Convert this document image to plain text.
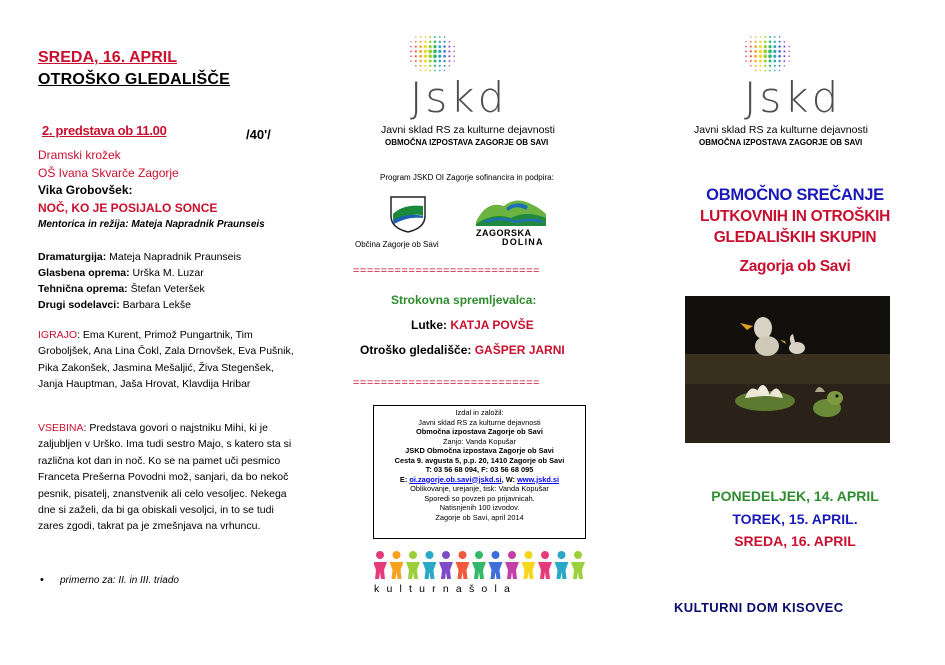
SREDA, 16. APRIL
OTROŠKO GLEDALIŠČE
2. predstava ob 11.00	/40'/
Dramski krožek
OŠ Ivana Skvarče Zagorje
Vika Grobovšek:
NOČ, KO JE POSIJALO SONCE
Mentorica in režija: Mateja Napradnik Praunseis
Dramaturgija: Mateja Napradnik Praunseis
Glasbena oprema: Urška M. Luzar
Tehnična oprema: Štefan Veteršek
Drugi sodelavci: Barbara Lekše
IGRAJO: Ema Kurent, Primož Pungartnik, Tim Groboljšek, Ana Lina Čokl, Zala Drnovšek, Eva Pušnik, Pika Zakonšek, Jasmina Mešaljić, Živa Stegenšek, Janja Hauptman, Jaša Hrovat, Klavdija Hribar
VSEBINA: Predstava govori o najstniku Mihi, ki je zaljubljen v Urško. Ima tudi sestro Majo, s katero sta si različna kot dan in noč. Ko se na pamet uči pesmico Franceta Prešerna Povodni mož, sanjari, da bo nekoč pesnik, pisatelj, znanstvenik ali celo vesoljec. Nekega dne si zaželi, da bi ga obiskali vesoljci, in to se tudi zares zgodi, takrat pa je zmešnjava na vrhuncu.
• primerno za: II. in III. triado
Jskd
Javni sklad RS za kulturne dejavnosti
OBMOČNA IZPOSTAVA ZAGORJE OB SAVI
Program JSKD OI Zagorje sofinancira in podpira:
Občina Zagorje ob Savi
ZAGORSKA
DOLINA
===========================
Strokovna spremljevalca:
Lutke: KATJA POVŠE
Otroško gledališče: GAŠPER JARNI
===========================
Izdal in založil:
Javni sklad RS za kulturne dejavnosti
Območna izpostava Zagorje ob Savi
Zanjo: Vanda Kopušar
JSKD Območna izpostava Zagorje ob Savi
Cesta 9. avgusta 5, p.p. 20, 1410 Zagorje ob Savi
T: 03 56 68 094, F: 03 56 68 095
E: oi.zagorje.ob.savi@jskd.si, W: www.jskd.si
Oblikovanje, urejanje, tisk: Vanda Kopušar
Sporedi so povzeti po prijavnicah.
Natisnjenih 100 izvodov.
Zagorje ob Savi, april 2014
kulturnašola
Jskd
Javni sklad RS za kulturne dejavnosti
OBMOČNA IZPOSTAVA ZAGORJE OB SAVI
OBMOČNO SREČANJE
LUTKOVNIH IN OTROŠKIH
GLEDALIŠKIH SKUPIN
Zagorja ob Savi
PONEDELJEK, 14. APRIL
TOREK, 15. APRIL.
SREDA, 16. APRIL
KULTURNI DOM KISOVEC
